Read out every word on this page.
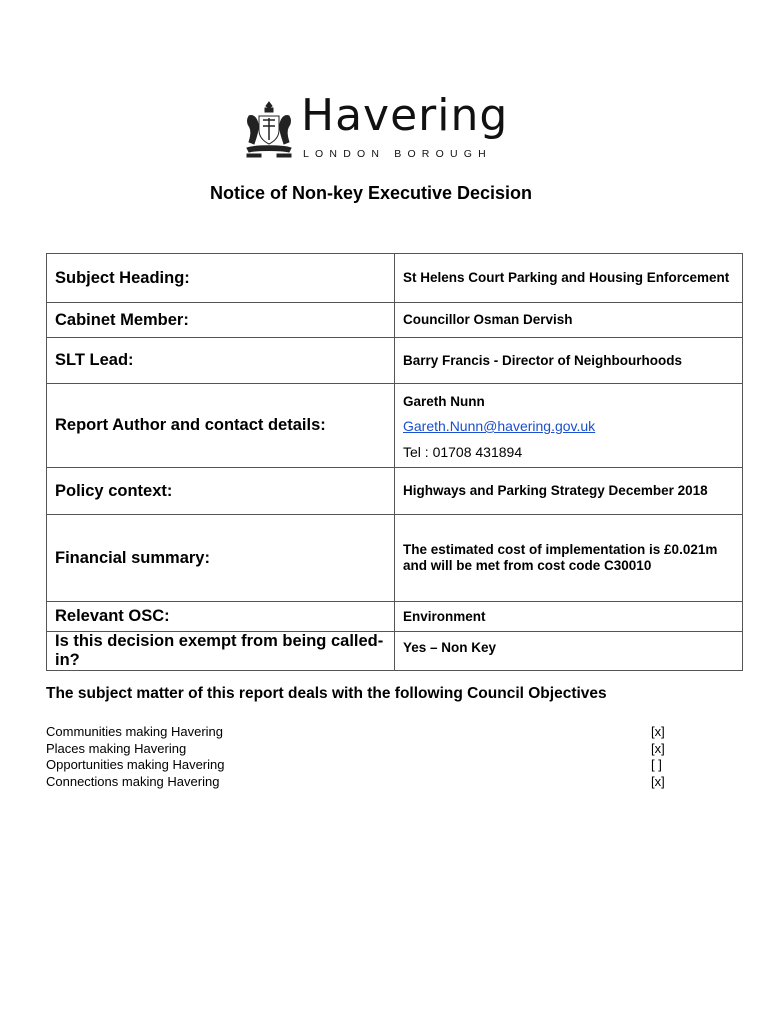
Havering
LONDON BOROUGH
Notice of Non-key Executive Decision
Subject Heading:	St Helens Court Parking and Housing Enforcement
Cabinet Member:	Councillor Osman Dervish
SLT Lead:	Barry Francis - Director of Neighbourhoods
Report Author and contact details:	Gareth Nunn
Gareth.Nunn@havering.gov.uk
Tel : 01708 431894

Policy context:	Highways and Parking Strategy December 2018
Financial summary:	The estimated cost of implementation is £0.021m and will be met from cost code C30010
Relevant OSC:	Environment
Is this decision exempt from being called-in?	Yes – Non Key
The subject matter of this report deals with the following Council Objectives
Communities making Havering	[x]
Places making Havering	[x]
Opportunities making Havering	[ ]
Connections making Havering	[x]
